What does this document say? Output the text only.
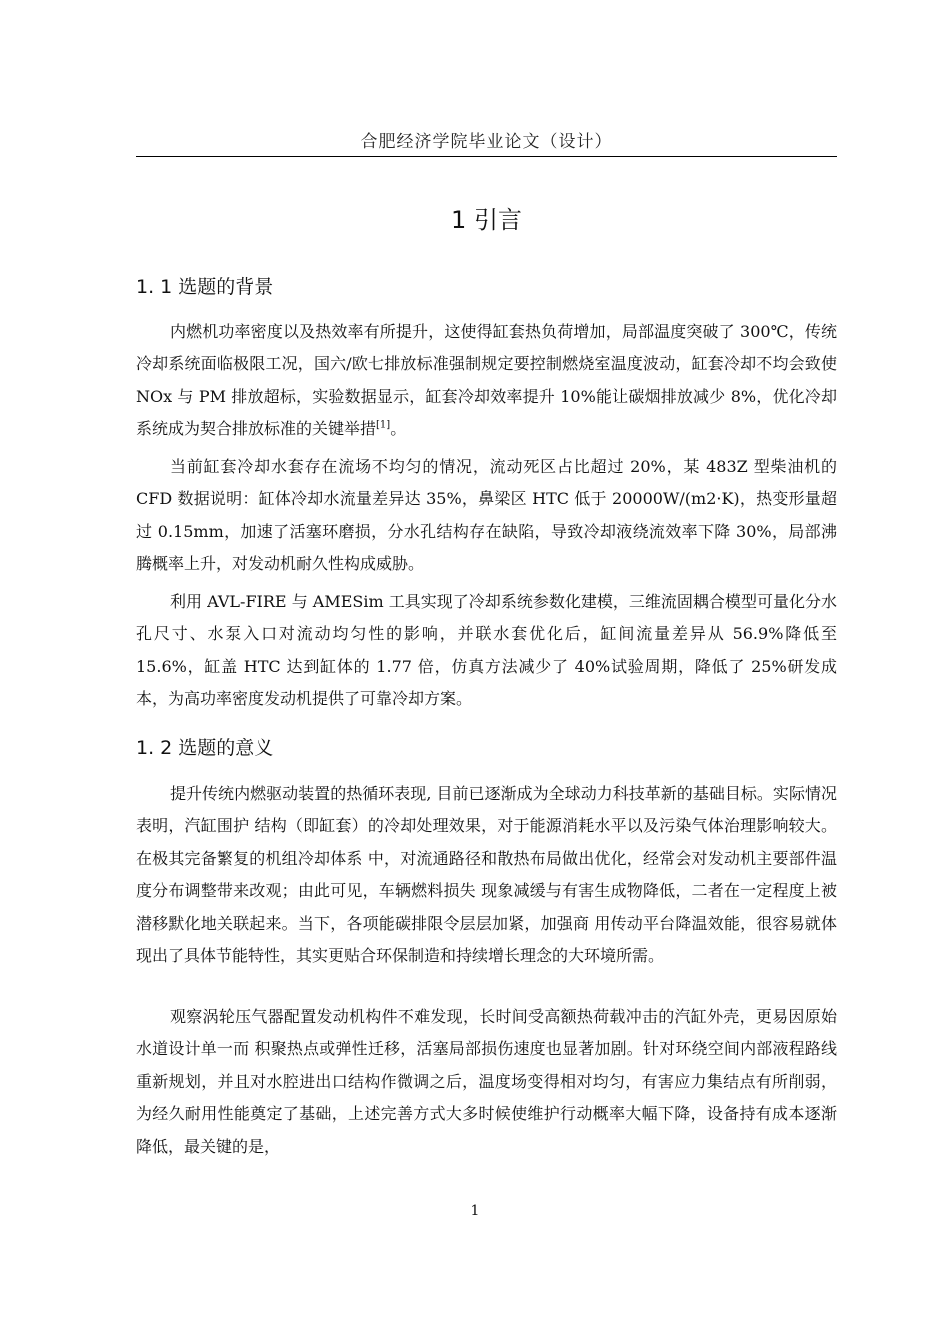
合肥经济学院毕业论文（设计）
1 引言
1. 1 选题的背景

内燃机功率密度以及热效率有所提升，这使得缸套热负荷增加，局部温度突破了 300℃，传统冷却系统面临极限工况，国六/欧七排放标准强制规定要控制燃烧室温度波动，缸套冷却不均会致使 NOx 与 PM 排放超标，实验数据显示，缸套冷却效率提升 10%能让碳烟排放减少 8%，优化冷却系统成为契合排放标准的关键举措[1]。

当前缸套冷却水套存在流场不均匀的情况，流动死区占比超过 20%，某 483Z 型柴油机的 CFD 数据说明：缸体冷却水流量差异达 35%，鼻梁区 HTC 低于 20000W/(m2·K)，热变形量超过 0.15mm，加速了活塞环磨损，分水孔结构存在缺陷，导致冷却液绕流效率下降 30%，局部沸腾概率上升，对发动机耐久性构成威胁。

利用 AVL-FIRE 与 AMESim 工具实现了冷却系统参数化建模，三维流固耦合模型可量化分水孔尺寸、水泵入口对流动均匀性的影响，并联水套优化后，缸间流量差异从 56.9%降低至 15.6%，缸盖 HTC 达到缸体的 1.77 倍，仿真方法减少了 40%试验周期，降低了 25%研发成本，为高功率密度发动机提供了可靠冷却方案。

1. 2 选题的意义

提升传统内燃驱动装置的热循环表现, 目前已逐渐成为全球动力科技革新的基础目标。实际情况表明，汽缸围护 结构（即缸套）的冷却处理效果，对于能源消耗水平以及污染气体治理影响较大。在极其完备繁复的机组冷却体系 中，对流通路径和散热布局做出优化，经常会对发动机主要部件温度分布调整带来改观；由此可见，车辆燃料损失 现象减缓与有害生成物降低，二者在一定程度上被潜移默化地关联起来。当下，各项能碳排限令层层加紧，加强商 用传动平台降温效能，很容易就体现出了具体节能特性，其实更贴合环保制造和持续增长理念的大环境所需。

观察涡轮压气器配置发动机构件不难发现，长时间受高额热荷载冲击的汽缸外壳，更易因原始水道设计单一而 积聚热点或弹性迁移，活塞局部损伤速度也显著加剧。针对环绕空间内部液程路线重新规划，并且对水腔进出口结构作微调之后，温度场变得相对均匀，有害应力集结点有所削弱，为经久耐用性能奠定了基础，上述完善方式大多时候使维护行动概率大幅下降，设备持有成本逐渐降低，最关键的是，

1
